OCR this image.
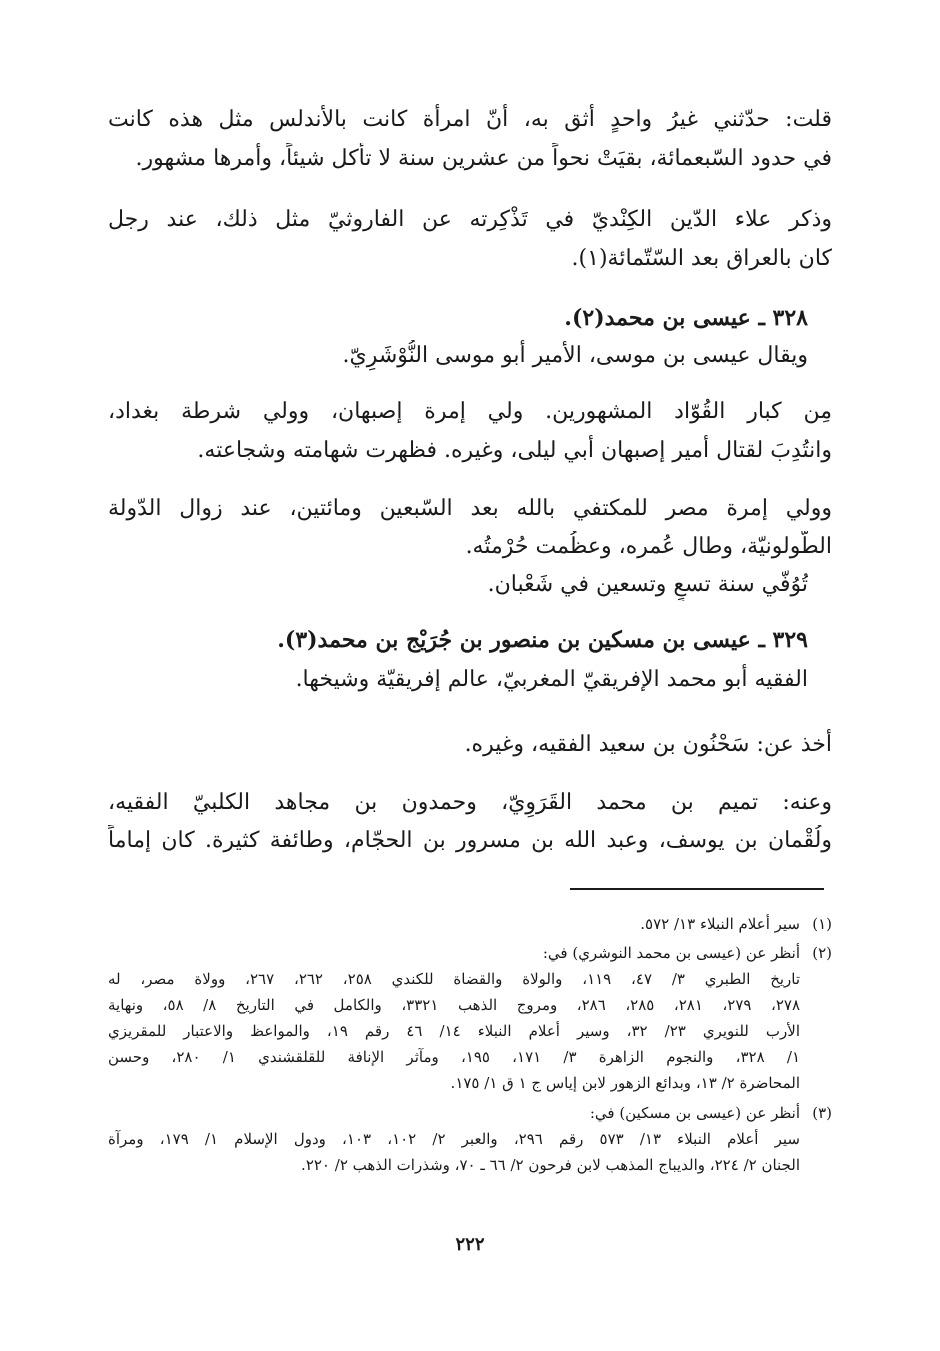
قلت: حدّثني غيرُ واحدٍ أثق به، أنّ امرأة كانت بالأندلس مثل هذه كانت
في حدود السّبعمائة، بقيَتْ نحواً من عشرين سنة لا تأكل شيئاً، وأمرها مشهور.
وذكر علاء الدّين الكِنْديّ في تَذْكِرته عن الفاروثيّ مثل ذلك، عند رجل
كان بالعراق بعد السّتّمائة(١).
٣٢٨ ـ عيسى بن محمد(٢).
ويقال عيسى بن موسى، الأمير أبو موسى النُّوْشَرِيّ.
مِن كبار القُوّاد المشهورين. ولي إمرة إصبهان، وولي شرطة بغداد،
وانتُدِبَ لقتال أمير إصبهان أبي ليلى، وغيره. فظهرت شهامته وشجاعته.
وولي إمرة مصر للمكتفي بالله بعد السّبعين ومائتين، عند زوال الدّولة
الطُّولونيّة، وطال عُمره، وعظُمت حُرْمتُه.
تُوُفّي سنة تسعٍ وتسعين في شَعْبان.
٣٢٩ ـ عيسى بن مسكين بن منصور بن جُرَيْج بن محمد(٣).
الفقيه أبو محمد الإفريقيّ المغربيّ، عالم إفريقيّة وشيخها.
أخذ عن: سَحْنُون بن سعيد الفقيه، وغيره.
وعنه: تميم بن محمد القَرَوِيّ، وحمدون بن مجاهد الكلبيّ الفقيه،
ولُقْمان بن يوسف، وعبد الله بن مسرور بن الحجّام، وطائفة كثيرة. كان إماماً
(١)سير أعلام النبلاء ١٣/ ٥٧٢.
(٢)أنظر عن (عيسى بن محمد النوشري) في:
تاريخ الطبري ٣/ ٤٧، ١١٩، والولاة والقضاة للكندي ٢٥٨، ٢٦٢، ٢٦٧، وولاة مصر، له
٢٧٨، ٢٧٩، ٢٨١، ٢٨٥، ٢٨٦، ومروج الذهب ٣٣٢١، والكامل في التاريخ ٨/ ٥٨، ونهاية
الأرب للنويري ٢٣/ ٣٢، وسير أعلام النبلاء ١٤/ ٤٦ رقم ١٩، والمواعظ والاعتبار للمقريزي
١/ ٣٢٨، والنجوم الزاهرة ٣/ ١٧١، ١٩٥، ومآثر الإنافة للقلقشندي ١/ ٢٨٠، وحسن
المحاضرة ٢/ ١٣، وبدائع الزهور لابن إياس ج ١ ق ١/ ١٧٥.
(٣)أنظر عن (عيسى بن مسكين) في:
سير أعلام النبلاء ١٣/ ٥٧٣ رقم ٢٩٦، والعبر ٢/ ١٠٢، ١٠٣، ودول الإسلام ١/ ١٧٩، ومرآة
الجنان ٢/ ٢٢٤، والديباج المذهب لابن فرحون ٢/ ٦٦ ـ ٧٠، وشذرات الذهب ٢/ ٢٢٠.
٢٢٢
